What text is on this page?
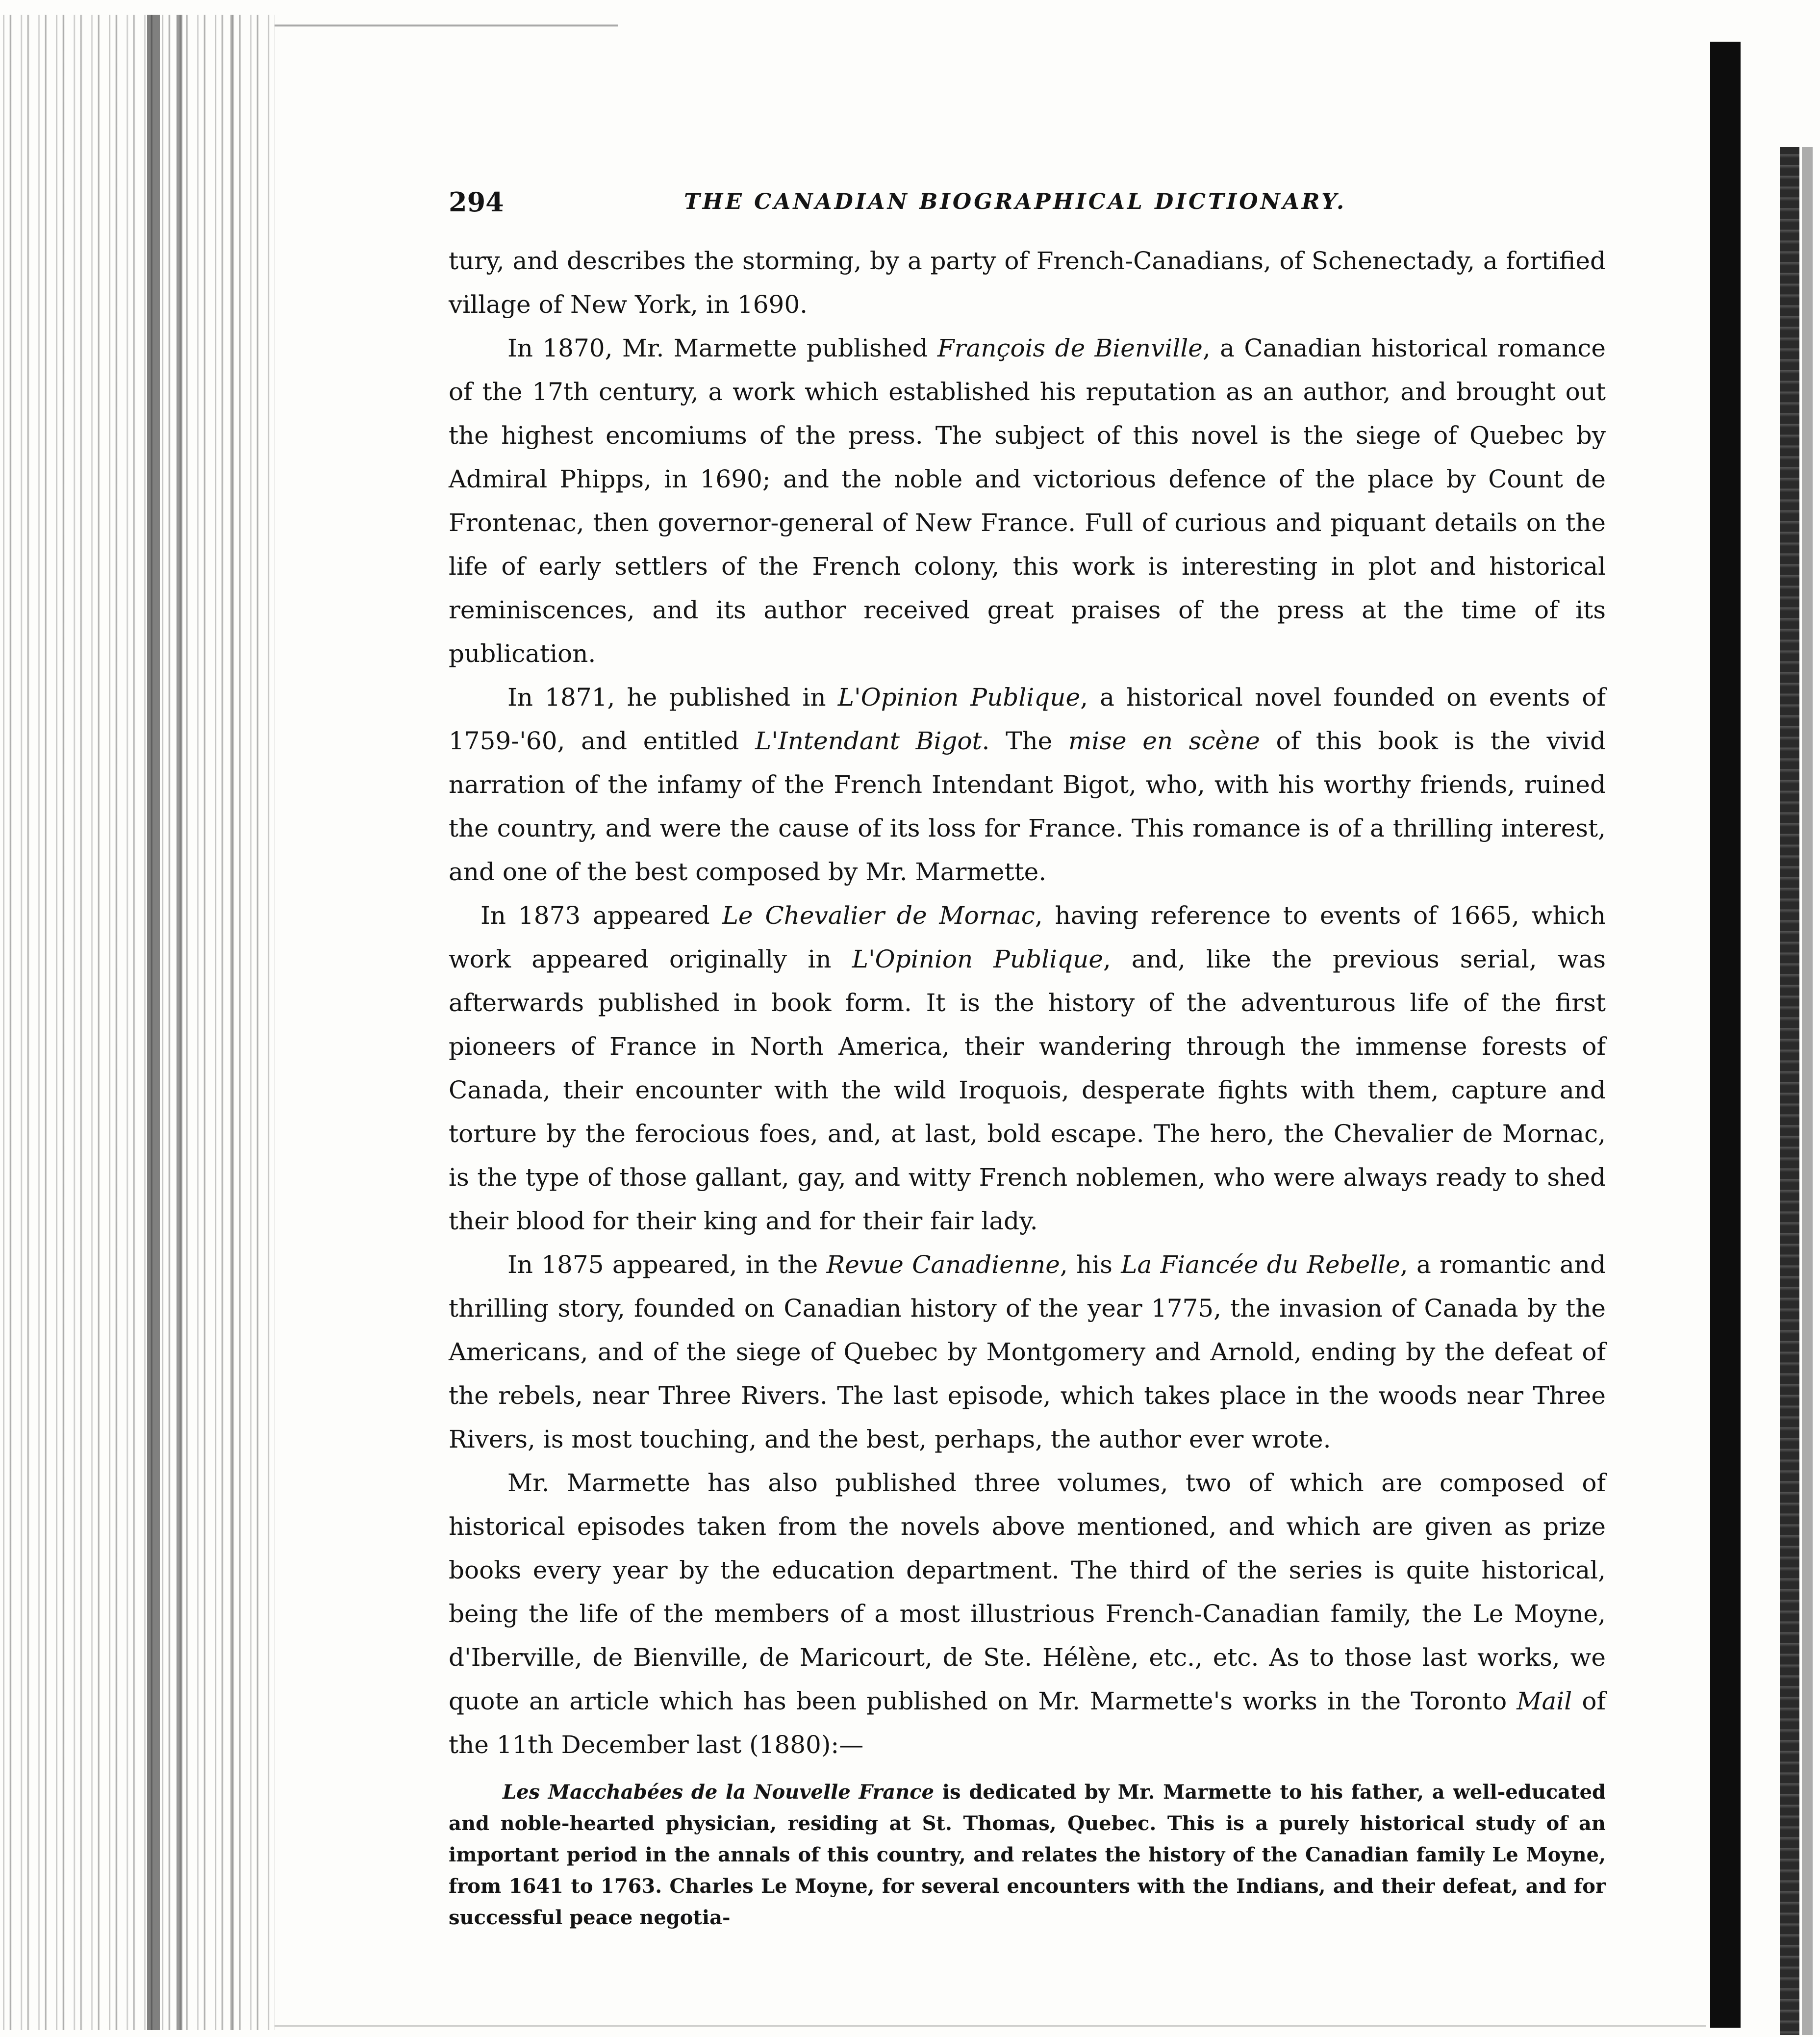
294	THE CANADIAN BIOGRAPHICAL DICTIONARY.

tury, and describes the storming, by a party of French-Canadians, of Schenectady, a fortified village of New York, in 1690.

In 1870, Mr. Marmette published François de Bienville, a Canadian historical romance of the 17th century, a work which established his reputation as an author, and brought out the highest encomiums of the press. The subject of this novel is the siege of Quebec by Admiral Phipps, in 1690; and the noble and victorious defence of the place by Count de Frontenac, then governor-general of New France. Full of curious and piquant details on the life of early settlers of the French colony, this work is interesting in plot and historical reminiscences, and its author received great praises of the press at the time of its publication.

In 1871, he published in L'Opinion Publique, a historical novel founded on events of 1759-'60, and entitled L'Intendant Bigot. The mise en scène of this book is the vivid narration of the infamy of the French Intendant Bigot, who, with his worthy friends, ruined the country, and were the cause of its loss for France. This romance is of a thrilling interest, and one of the best composed by Mr. Marmette.

In 1873 appeared Le Chevalier de Mornac, having reference to events of 1665, which work appeared originally in L'Opinion Publique, and, like the previous serial, was afterwards published in book form. It is the history of the adventurous life of the first pioneers of France in North America, their wandering through the immense forests of Canada, their encounter with the wild Iroquois, desperate fights with them, capture and torture by the ferocious foes, and, at last, bold escape. The hero, the Chevalier de Mornac, is the type of those gallant, gay, and witty French noblemen, who were always ready to shed their blood for their king and for their fair lady.

In 1875 appeared, in the Revue Canadienne, his La Fiancée du Rebelle, a romantic and thrilling story, founded on Canadian history of the year 1775, the invasion of Canada by the Americans, and of the siege of Quebec by Montgomery and Arnold, ending by the defeat of the rebels, near Three Rivers. The last episode, which takes place in the woods near Three Rivers, is most touching, and the best, perhaps, the author ever wrote.

Mr. Marmette has also published three volumes, two of which are composed of historical episodes taken from the novels above mentioned, and which are given as prize books every year by the education department. The third of the series is quite historical, being the life of the members of a most illustrious French-Canadian family, the Le Moyne, d'Iberville, de Bienville, de Maricourt, de Ste. Hélène, etc., etc. As to those last works, we quote an article which has been published on Mr. Marmette's works in the Toronto Mail of the 11th December last (1880):—

Les Macchabées de la Nouvelle France is dedicated by Mr. Marmette to his father, a well-educated and noble-hearted physician, residing at St. Thomas, Quebec. This is a purely historical study of an important period in the annals of this country, and relates the history of the Canadian family Le Moyne, from 1641 to 1763. Charles Le Moyne, for several encounters with the Indians, and their defeat, and for successful peace negotia-
